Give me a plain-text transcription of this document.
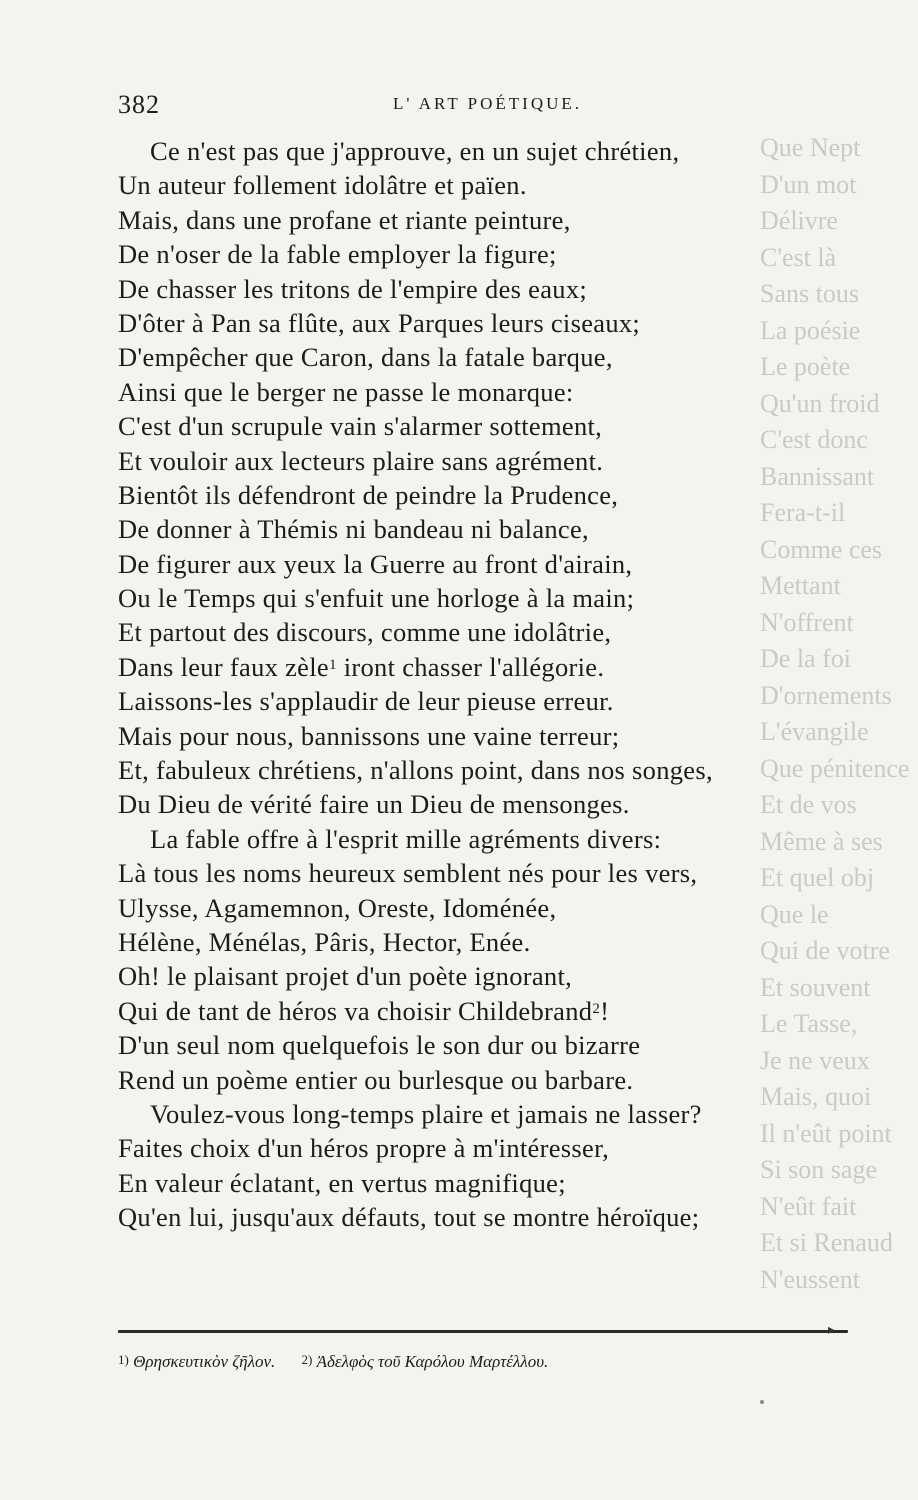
Que Nept
D'un mot
Délivre
C'est là
Sans tous
La poésie
Le poète
Qu'un froid
C'est donc
Bannissant
Fera-t-il
Comme ces
Mettant
N'offrent
De la foi
D'ornements
L'évangile
Que pénitence
Et de vos
Même à ses
Et quel obj
Que le
Qui de votre
Et souvent
Le Tasse,
Je ne veux
Mais, quoi
Il n'eût point
Si son sage
N'eût fait
Et si Renaud
N'eussent
382	L' ART POÉTIQUE.
Ce n'est pas que j'approuve, en un sujet chrétien,
Un auteur follement idolâtre et païen.
Mais, dans une profane et riante peinture,
De n'oser de la fable employer la figure;
De chasser les tritons de l'empire des eaux;
D'ôter à Pan sa flûte, aux Parques leurs ciseaux;
D'empêcher que Caron, dans la fatale barque,
Ainsi que le berger ne passe le monarque:
C'est d'un scrupule vain s'alarmer sottement,
Et vouloir aux lecteurs plaire sans agrément.
Bientôt ils défendront de peindre la Prudence,
De donner à Thémis ni bandeau ni balance,
De figurer aux yeux la Guerre au front d'airain,
Ou le Temps qui s'enfuit une horloge à la main;
Et partout des discours, comme une idolâtrie,
Dans leur faux zèle$^1$ iront chasser l'allégorie.
Laissons-les s'applaudir de leur pieuse erreur.
Mais pour nous, bannissons une vaine terreur;
Et, fabuleux chrétiens, n'allons point, dans nos songes,
Du Dieu de vérité faire un Dieu de mensonges.
La fable offre à l'esprit mille agréments divers:
Là tous les noms heureux semblent nés pour les vers,
Ulysse, Agamemnon, Oreste, Idoménée,
Hélène, Ménélas, Pâris, Hector, Enée.
Oh! le plaisant projet d'un poète ignorant,
Qui de tant de héros va choisir Childebrand$^2$!
D'un seul nom quelquefois le son dur ou bizarre
Rend un poème entier ou burlesque ou barbare.
Voulez-vous long-temps plaire et jamais ne lasser?
Faites choix d'un héros propre à m'intéresser,
En valeur éclatant, en vertus magnifique;
Qu'en lui, jusqu'aux défauts, tout se montre héroïque;
▸
$^{1)}$ Θρησκευτικὸν ζῆλον. $^{2)}$ Ἀδελφὸς τοῦ Καρόλου Μαρτέλλου.
